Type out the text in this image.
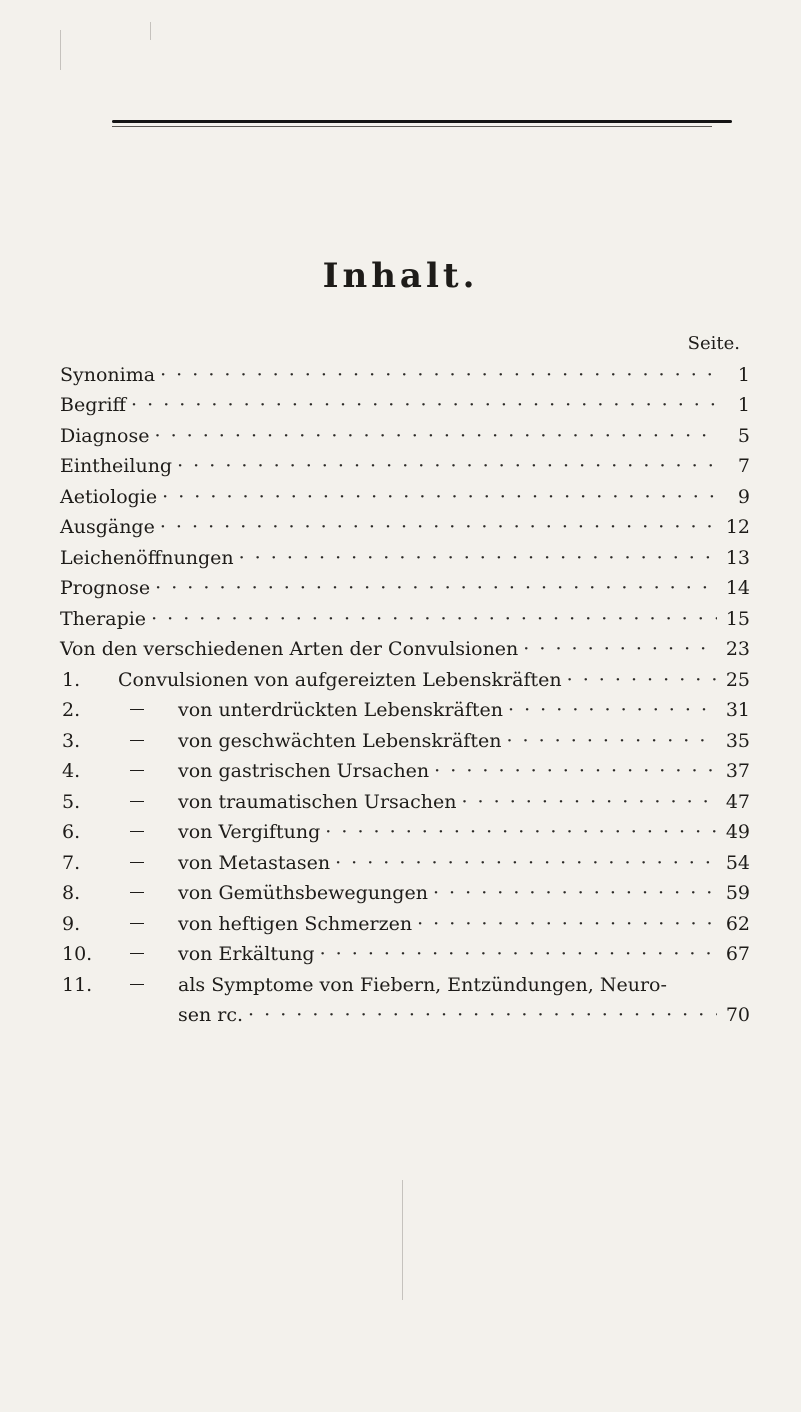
Inhalt.
Seite.
Synonima · · ·	1
Begriff · · ·	1
Diagnose · · ·	5
Eintheilung · · ·	7
Aetiologie · · ·	9
Ausgänge · · ·	12
Leichenöffnungen · · ·	13
Prognose · · ·	14
Therapie · · ·	15
Von den verschiedenen Arten der Convulsionen · · ·	23
1.	Convulsionen von aufgereizten Lebenskräften · · ·	25
2.	von unterdrückten Lebenskräften · · ·	31
3.	von geschwächten Lebenskräften · · ·	35
4.	von gastrischen Ursachen · · ·	37
5.	von traumatischen Ursachen · · ·	47
6.	von Vergiftung · · ·	49
7.	von Metastasen · · ·	54
8.	von Gemüthsbewegungen · · ·	59
9.	von heftigen Schmerzen · · ·	62
10.	von Erkältung · · ·	67
11.	als Symptome von Fiebern, Entzündungen, Neuro-
sen rc. · · ·	70
